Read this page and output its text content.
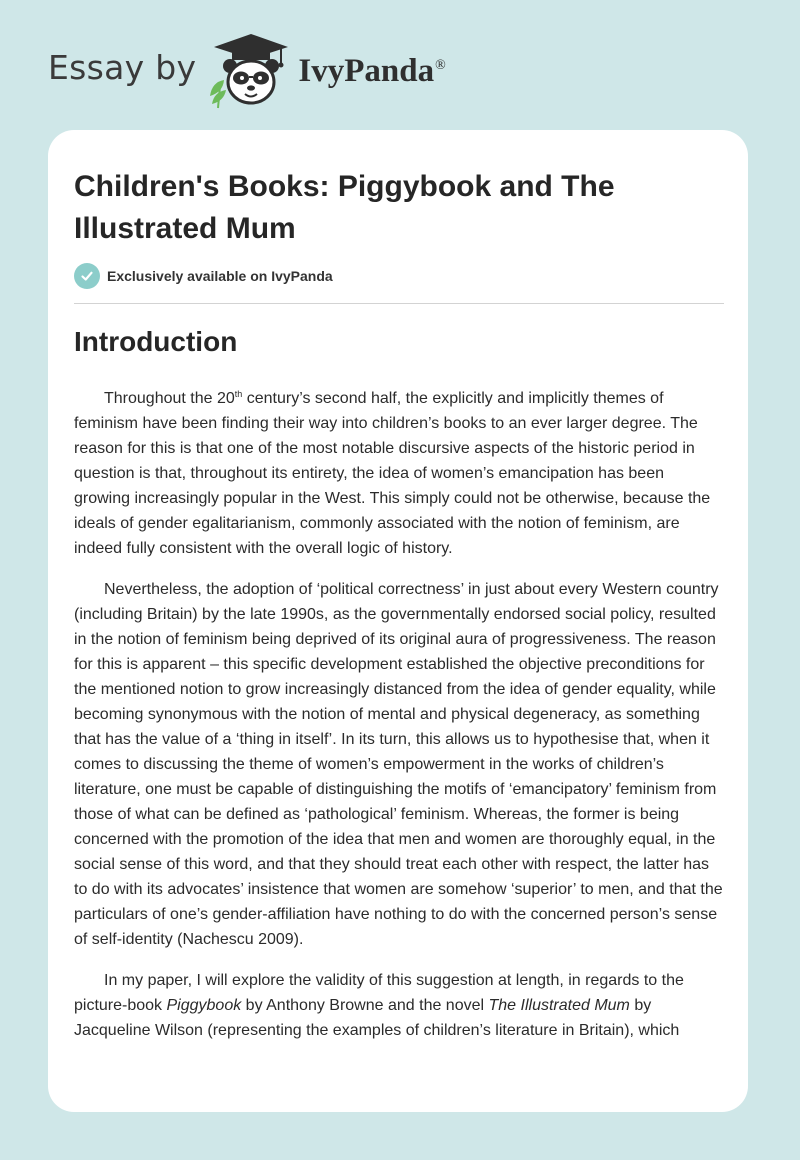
Essay by	IvyPanda®
Children's Books: Piggybook and The Illustrated Mum
Exclusively available on IvyPanda
Introduction

Throughout the 20th century’s second half, the explicitly and implicitly themes of feminism have been finding their way into children’s books to an ever larger degree. The reason for this is that one of the most notable discursive aspects of the historic period in question is that, throughout its entirety, the idea of women’s emancipation has been growing increasingly popular in the West. This simply could not be otherwise, because the ideals of gender egalitarianism, commonly associated with the notion of feminism, are indeed fully consistent with the overall logic of history.

Nevertheless, the adoption of ‘political correctness’ in just about every Western country (including Britain) by the late 1990s, as the governmentally endorsed social policy, resulted in the notion of feminism being deprived of its original aura of progressiveness. The reason for this is apparent – this specific development established the objective preconditions for the mentioned notion to grow increasingly distanced from the idea of gender equality, while becoming synonymous with the notion of mental and physical degeneracy, as something that has the value of a ‘thing in itself’. In its turn, this allows us to hypothesise that, when it comes to discussing the theme of women’s empowerment in the works of children’s literature, one must be capable of distinguishing the motifs of ‘emancipatory’ feminism from those of what can be defined as ‘pathological’ feminism. Whereas, the former is being concerned with the promotion of the idea that men and women are thoroughly equal, in the social sense of this word, and that they should treat each other with respect, the latter has to do with its advocates’ insistence that women are somehow ‘superior’ to men, and that the particulars of one’s gender-affiliation have nothing to do with the concerned person’s sense of self-identity (Nachescu 2009).

In my paper, I will explore the validity of this suggestion at length, in regards to the picture-book Piggybook by Anthony Browne and the novel The Illustrated Mum by Jacqueline Wilson (representing the examples of children’s literature in Britain), which
